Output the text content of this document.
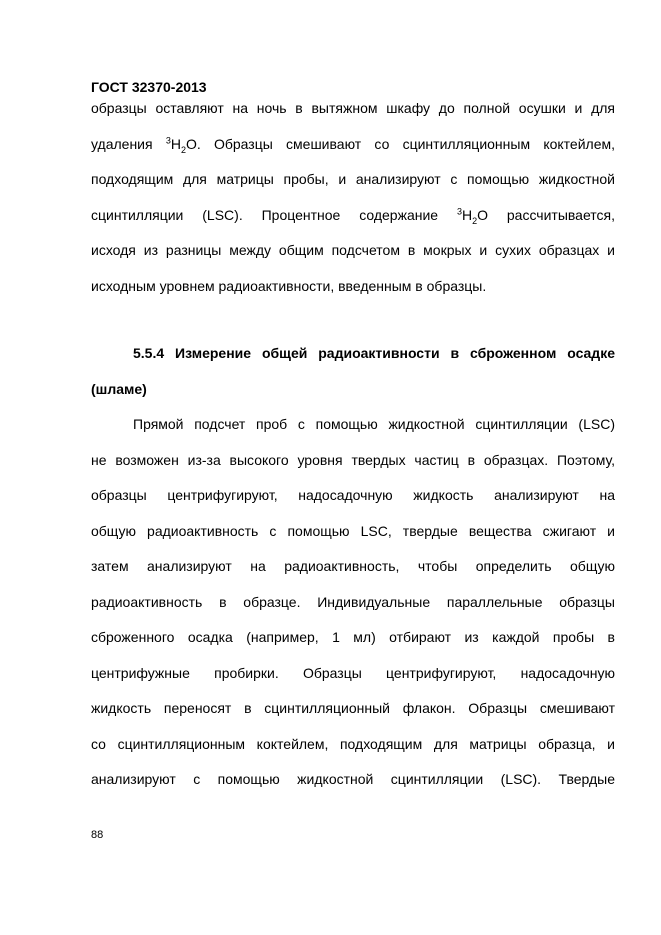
ГОСТ 32370-2013

образцы оставляют на ночь в вытяжном шкафу до полной осушки и для
удаления $^3H_2O$. Образцы смешивают со сцинтилляционным коктейлем,
подходящим для матрицы пробы, и анализируют с помощью жидкостной
сцинтилляции (LSC). Процентное содержание $^3H_2O$ рассчитывается,
исходя из разницы между общим подсчетом в мокрых и сухих образцах и
исходным уровнем радиоактивности, введенным в образцы.
5.5.4 Измерение общей радиоактивности в сброженном осадке
(шламе)
Прямой подсчет проб с помощью жидкостной сцинтилляции (LSC)
не возможен из-за высокого уровня твердых частиц в образцах. Поэтому,
образцы центрифугируют, надосадочную жидкость анализируют на
общую радиоактивность с помощью LSC, твердые вещества сжигают и
затем анализируют на радиоактивность, чтобы определить общую
радиоактивность в образце. Индивидуальные параллельные образцы
сброженного осадка (например, 1 мл) отбирают из каждой пробы в
центрифужные пробирки. Образцы центрифугируют, надосадочную
жидкость переносят в сцинтилляционный флакон. Образцы смешивают
со сцинтилляционным коктейлем, подходящим для матрицы образца, и
анализируют с помощью жидкостной сцинтилляции (LSC). Твердые

88
